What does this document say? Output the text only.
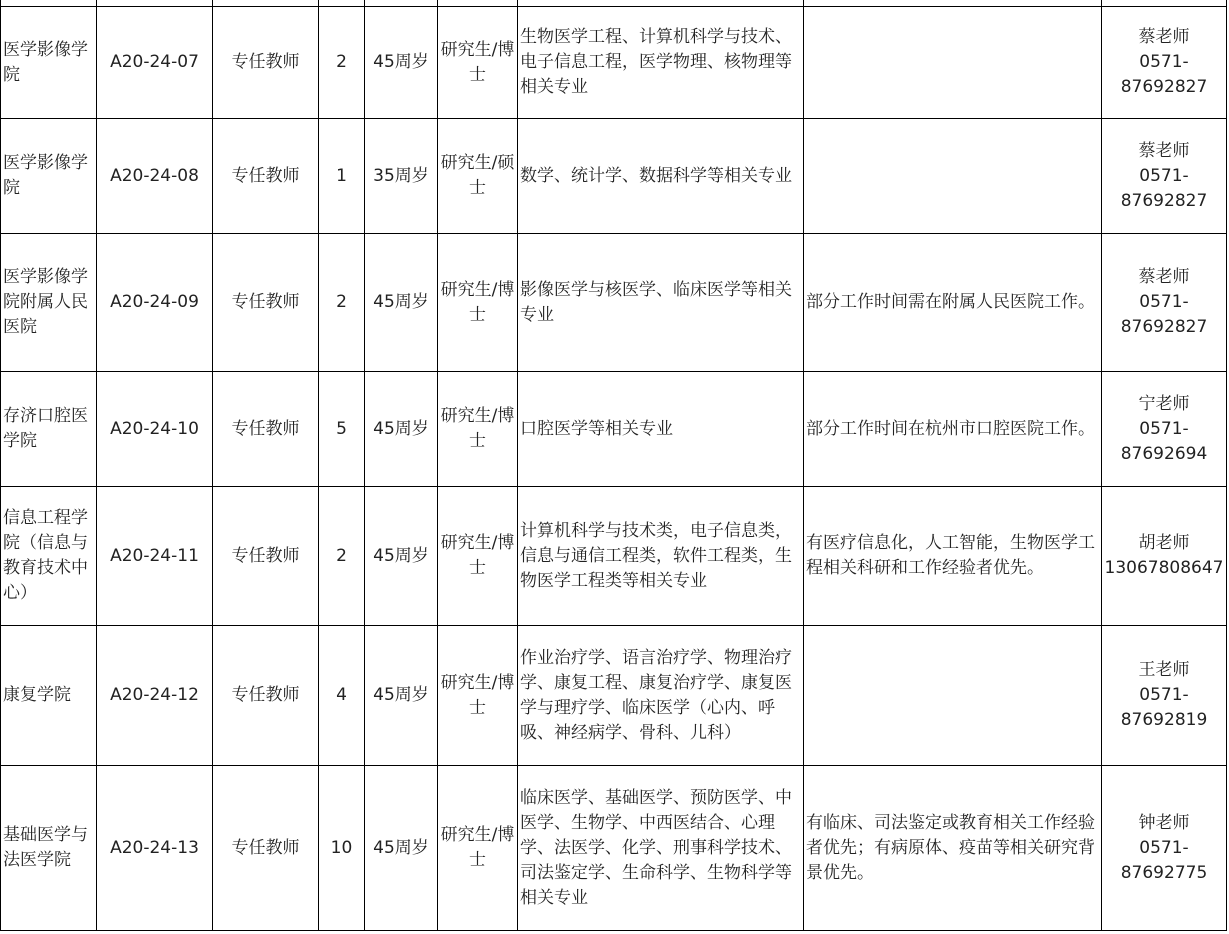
医学影像学院	A20-24-07	专任教师	2	45周岁	研究生/博士	生物医学工程、计算机科学与技术、电子信息工程，医学物理、核物理等相关专业		蔡老师
0571-
87692827

医学影像学院	A20-24-08	专任教师	1	35周岁	研究生/硕士	数学、统计学、数据科学等相关专业		蔡老师
0571-
87692827

医学影像学院附属人民医院	A20-24-09	专任教师	2	45周岁	研究生/博士	影像医学与核医学、临床医学等相关专业	部分工作时间需在附属人民医院工作。	蔡老师
0571-
87692827

存济口腔医学院	A20-24-10	专任教师	5	45周岁	研究生/博士	口腔医学等相关专业	部分工作时间在杭州市口腔医院工作。	宁老师
0571-
87692694

信息工程学院（信息与教育技术中心）	A20-24-11	专任教师	2	45周岁	研究生/博士	计算机科学与技术类，电子信息类，信息与通信工程类，软件工程类，生物医学工程类等相关专业	有医疗信息化，人工智能，生物医学工程相关科研和工作经验者优先。	胡老师
13067808647

康复学院	A20-24-12	专任教师	4	45周岁	研究生/博士	作业治疗学、语言治疗学、物理治疗学、康复工程、康复治疗学、康复医学与理疗学、临床医学（心内、呼吸、神经病学、骨科、儿科）		王老师
0571-
87692819

基础医学与法医学院	A20-24-13	专任教师	10	45周岁	研究生/博士	临床医学、基础医学、预防医学、中医学、生物学、中西医结合、心理学、法医学、化学、刑事科学技术、司法鉴定学、生命科学、生物科学等相关专业	有临床、司法鉴定或教育相关工作经验者优先；有病原体、疫苗等相关研究背景优先。	钟老师
0571-
87692775
